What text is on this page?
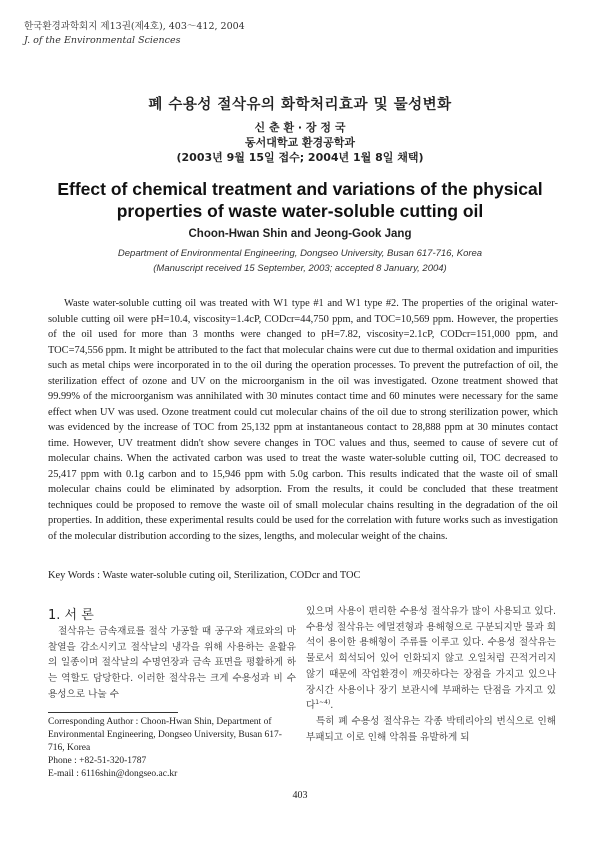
한국환경과학회지 제13권(제4호), 403～412, 2004
J. of the Environmental Sciences
폐 수용성 절삭유의 화학처리효과 및 물성변화
신 춘 환 · 장 정 국
동서대학교 환경공학과
(2003년 9월 15일 접수; 2004년 1월 8일 채택)
Effect of chemical treatment and variations of the physical
properties of waste water-soluble cutting oil
Choon-Hwan Shin and Jeong-Gook Jang
Department of Environmental Engineering, Dongseo University, Busan 617-716, Korea
(Manuscript received 15 September, 2003; accepted 8 January, 2004)

Waste water-soluble cutting oil was treated with W1 type #1 and W1 type #2. The properties of the original water-soluble cutting oil were pH=10.4, viscosity=1.4cP, CODcr=44,750 ppm, and TOC=10,569 ppm. However, the properties of the oil used for more than 3 months were changed to pH=7.82, viscosity=2.1cP, CODcr=151,000 ppm, and TOC=74,556 ppm. It might be attributed to the fact that molecular chains were cut due to thermal oxidation and impurities such as metal chips were incorporated in to the oil during the operation processes. To prevent the putrefaction of oil, the sterilization effect of ozone and UV on the microorganism in the oil was investigated. Ozone treatment showed that 99.99% of the microorganism was annihilated with 30 minutes contact time and 60 minutes were necessary for the same effect when UV was used. Ozone treatment could cut molecular chains of the oil due to strong sterilization power, which was evidenced by the increase of TOC from 25,132 ppm at instantaneous contact to 28,888 ppm at 30 minutes contact time. However, UV treatment didn't show severe changes in TOC values and thus, seemed to cause of severe cut of molecular chains. When the activated carbon was used to treat the waste water-soluble cutting oil, TOC decreased to 25,417 ppm with 0.1g carbon and to 15,946 ppm with 5.0g carbon. This results indicated that the waste oil of small molecular chains could be eliminated by adsorption. From the results, it could be concluded that these treatment techniques could be proposed to remove the waste oil of small molecular chains resulting in the degradation of the oil properties. In addition, these experimental results could be used for the correlation with future works such as investigation of the molecular distribution according to the sizes, lengths, and molecular weight of the chains.

Key Words : Waste water-soluble cuting oil, Sterilization, CODcr and TOC
1. 서 론

절삭유는 금속재료를 절삭 가공할 때 공구와 재료와의 마찰열을 감소시키고 절삭날의 냉각을 위해 사용하는 윤활유의 일종이며 절삭날의 수명연장과 금속 표면을 평활하게 하는 역할도 담당한다. 이러한 절삭유는 크게 수용성과 비 수용성으로 나눌 수

Corresponding Author : Choon-Hwan Shin, Department of Environmental Engineering, Dongseo University, Busan 617-716, Korea
Phone : +82-51-320-1787
E-mail : 6116shin@dongseo.ac.kr

있으며 사용이 편리한 수용성 절삭유가 많이 사용되고 있다. 수용성 절삭유는 에멀젼형과 용해형으로 구분되지만 물과 희석이 용이한 용해형이 주류를 이루고 있다. 수용성 절삭유는 물로서 희석되어 있어 인화되지 않고 오일처럼 끈적거리지 않기 때문에 작업환경이 깨끗하다는 장점을 가지고 있으나 장시간 사용이나 장기 보관시에 부패하는 단점을 가지고 있다$^{1\sim 4)}$.

특히 폐 수용성 절삭유는 각종 박테리아의 번식으로 인해 부패되고 이로 인해 악취를 유발하게 되

403
